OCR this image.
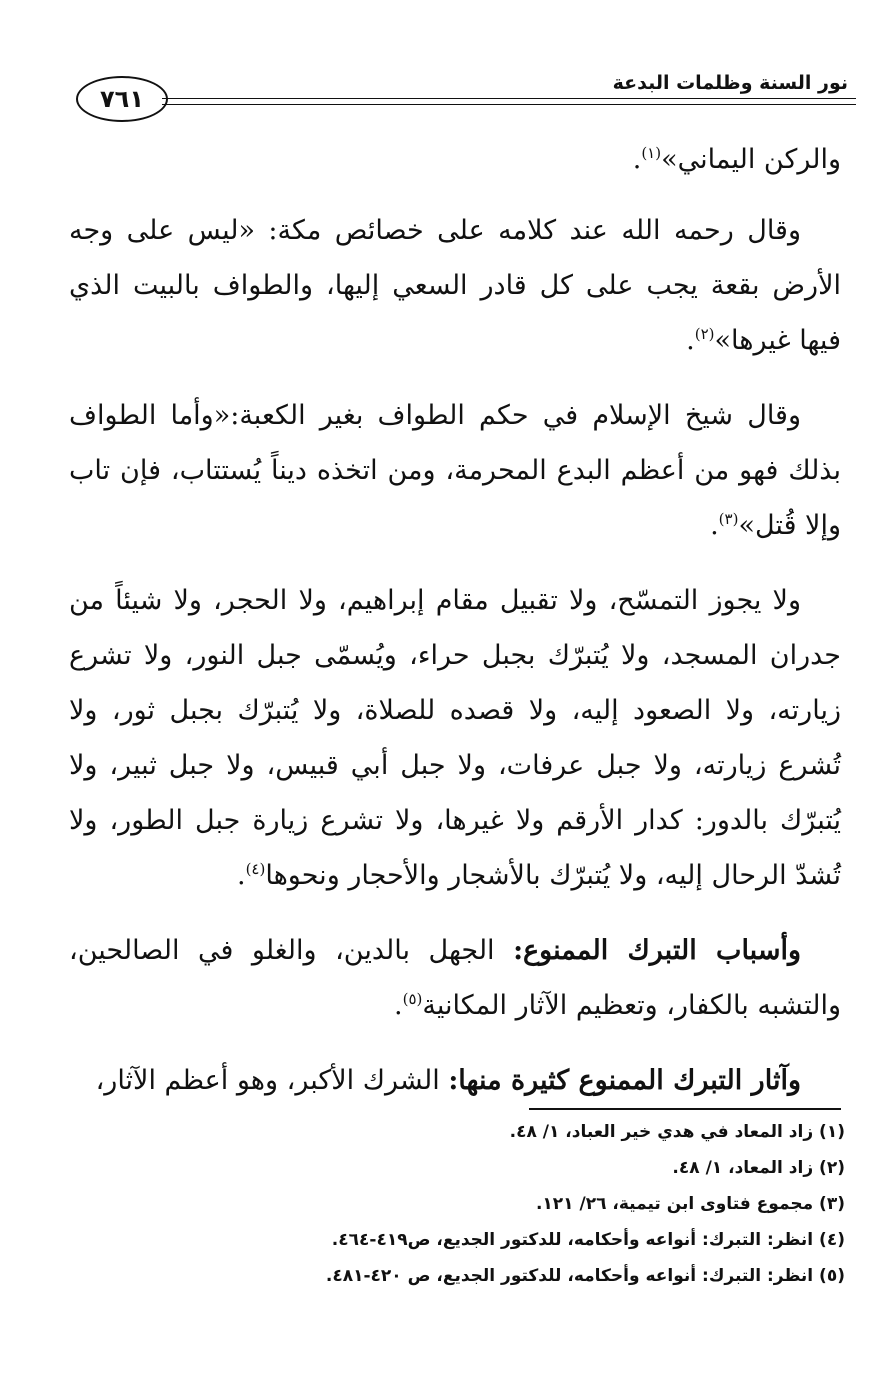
نور السنة وظلمات البدعة
٧٦١

والركن اليماني»$^{(١)}$.

وقال رحمه الله عند كلامه على خصائص مكة: «ليس على وجه الأرض بقعة يجب على كل قادر السعي إليها، والطواف بالبيت الذي فيها غيرها»$^{(٢)}$.

وقال شيخ الإسلام في حكم الطواف بغير الكعبة:«وأما الطواف بذلك فهو من أعظم البدع المحرمة، ومن اتخذه ديناً يُستتاب، فإن تاب وإلا قُتل»$^{(٣)}$.

ولا يجوز التمسّح، ولا تقبيل مقام إبراهيم، ولا الحجر، ولا شيئاً من جدران المسجد، ولا يُتبرّك بجبل حراء، ويُسمّى جبل النور، ولا تشرع زيارته، ولا الصعود إليه، ولا قصده للصلاة، ولا يُتبرّك بجبل ثور، ولا تُشرع زيارته، ولا جبل عرفات، ولا جبل أبي قبيس، ولا جبل ثبير، ولا يُتبرّك بالدور: كدار الأرقم ولا غيرها، ولا تشرع زيارة جبل الطور، ولا تُشدّ الرحال إليه، ولا يُتبرّك بالأشجار والأحجار ونحوها$^{(٤)}$.

وأسباب التبرك الممنوع: الجهل بالدين، والغلو في الصالحين، والتشبه بالكفار، وتعظيم الآثار المكانية$^{(٥)}$.

وآثار التبرك الممنوع كثيرة منها: الشرك الأكبر، وهو أعظم الآثار،

(١) زاد المعاد في هدي خير العباد، ١/ ٤٨.
(٢) زاد المعاد، ١/ ٤٨.
(٣) مجموع فتاوى ابن تيمية، ٢٦/ ١٢١.
(٤) انظر: التبرك: أنواعه وأحكامه، للدكتور الجديع، ص٤١٩-٤٦٤.
(٥) انظر: التبرك: أنواعه وأحكامه، للدكتور الجديع، ص ٤٢٠-٤٨١.
